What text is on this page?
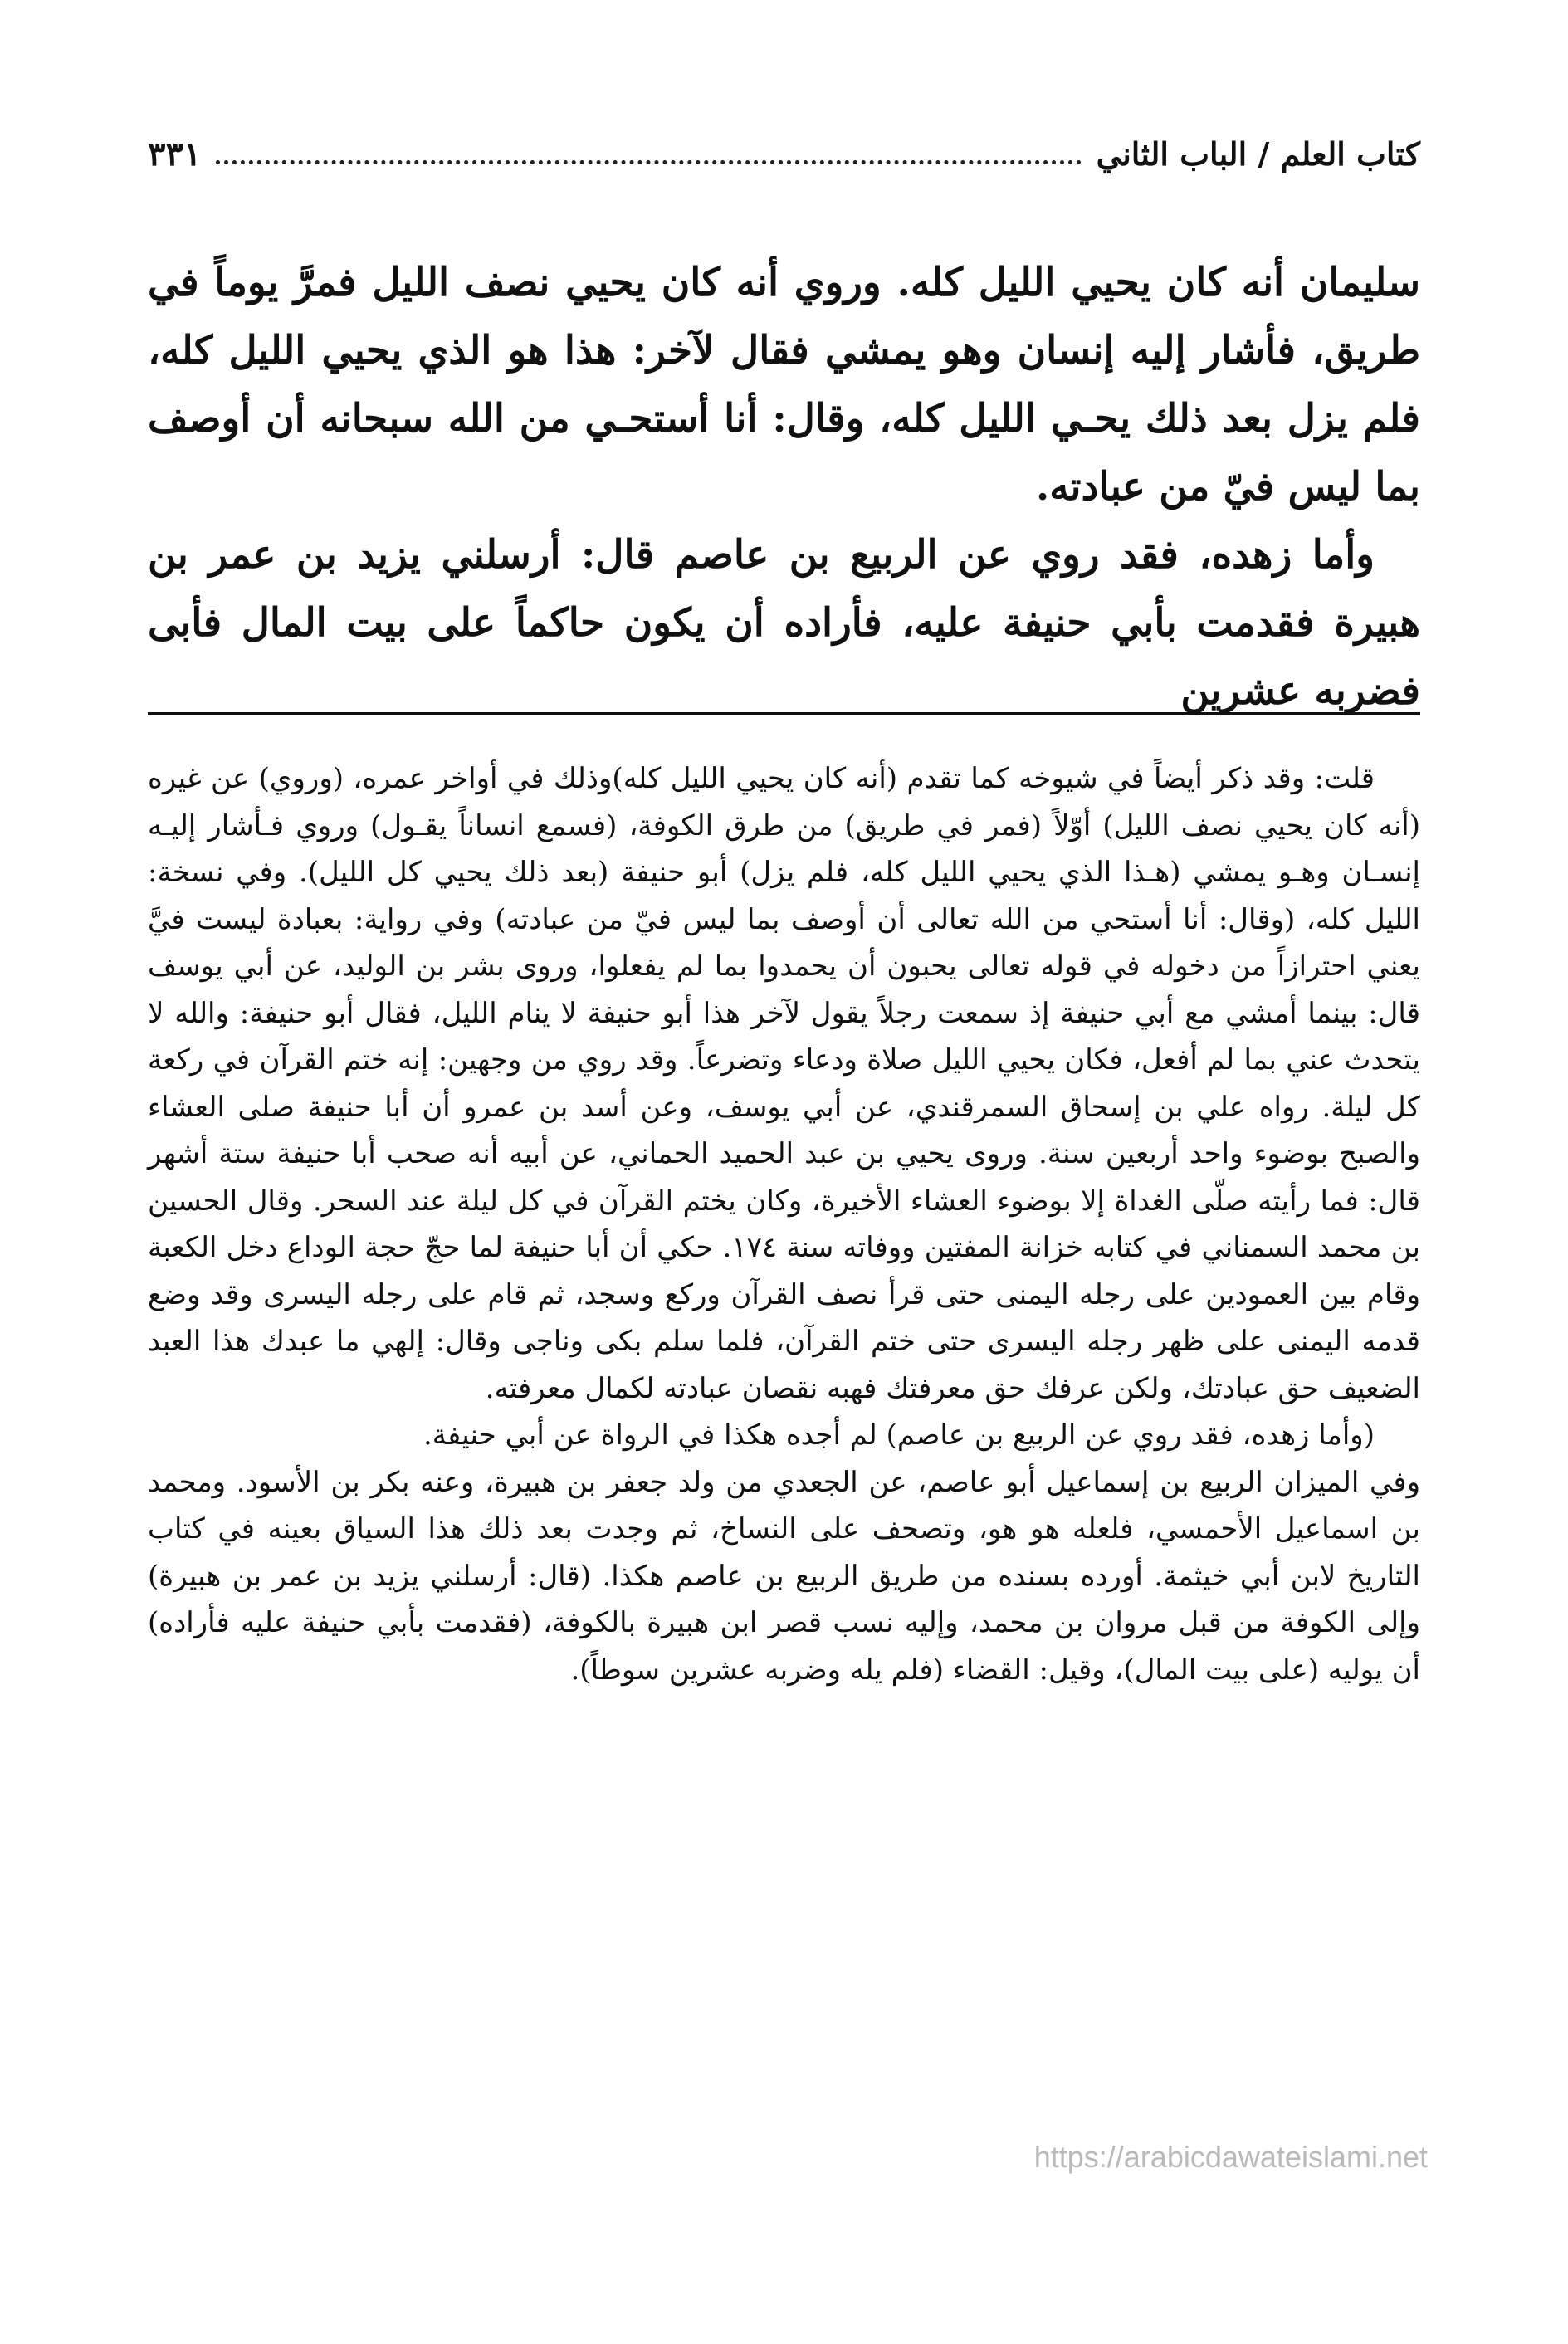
كتاب العلم / الباب الثاني
٣٣١

سليمان أنه كان يحيي الليل كله. وروي أنه كان يحيي نصف الليل فمرَّ يوماً في طريق، فأشار إليه إنسان وهو يمشي فقال لآخر: هذا هو الذي يحيي الليل كله، فلم يزل بعد ذلك يحـي الليل كله، وقال: أنا أستحـي من الله سبحانه أن أوصف بما ليس فيّ من عبادته.

وأما زهده، فقد روي عن الربيع بن عاصم قال: أرسلني يزيد بن عمر بن هبيرة فقدمت بأبي حنيفة عليه، فأراده أن يكون حاكماً على بيت المال فأبى فضربه عشرين

قلت: وقد ذكر أيضاً في شيوخه كما تقدم (أنه كان يحيي الليل كله)وذلك في أواخر عمره، (وروي) عن غيره (أنه كان يحيي نصف الليل) أوّلاً (فمر في طريق) من طرق الكوفة، (فسمع انساناً يقـول) وروي فـأشار إليـه إنسـان وهـو يمشي (هـذا الذي يحيي الليل كله، فلم يزل) أبو حنيفة (بعد ذلك يحيي كل الليل). وفي نسخة: الليل كله، (وقال: أنا أستحي من الله تعالى أن أوصف بما ليس فيّ من عبادته) وفي رواية: بعبادة ليست فيَّ يعني احترازاً من دخوله في قوله تعالى يحبون أن يحمدوا بما لم يفعلوا، وروى بشر بن الوليد، عن أبي يوسف قال: بينما أمشي مع أبي حنيفة إذ سمعت رجلاً يقول لآخر هذا أبو حنيفة لا ينام الليل، فقال أبو حنيفة: والله لا يتحدث عني بما لم أفعل، فكان يحيي الليل صلاة ودعاء وتضرعاً. وقد روي من وجهين: إنه ختم القرآن في ركعة كل ليلة. رواه علي بن إسحاق السمرقندي، عن أبي يوسف، وعن أسد بن عمرو أن أبا حنيفة صلى العشاء والصبح بوضوء واحد أربعين سنة. وروى يحيي بن عبد الحميد الحماني، عن أبيه أنه صحب أبا حنيفة ستة أشهر قال: فما رأيته صلّى الغداة إلا بوضوء العشاء الأخيرة، وكان يختم القرآن في كل ليلة عند السحر. وقال الحسين بن محمد السمناني في كتابه خزانة المفتين ووفاته سنة ١٧٤. حكي أن أبا حنيفة لما حجّ حجة الوداع دخل الكعبة وقام بين العمودين على رجله اليمنى حتى قرأ نصف القرآن وركع وسجد، ثم قام على رجله اليسرى وقد وضع قدمه اليمنى على ظهر رجله اليسرى حتى ختم القرآن، فلما سلم بكى وناجى وقال: إلهي ما عبدك هذا العبد الضعيف حق عبادتك، ولكن عرفك حق معرفتك فهبه نقصان عبادته لكمال معرفته.

(وأما زهده، فقد روي عن الربيع بن عاصم) لم أجده هكذا في الرواة عن أبي حنيفة.

وفي الميزان الربيع بن إسماعيل أبو عاصم، عن الجعدي من ولد جعفر بن هبيرة، وعنه بكر بن الأسود. ومحمد بن اسماعيل الأحمسي، فلعله هو هو، وتصحف على النساخ، ثم وجدت بعد ذلك هذا السياق بعينه في كتاب التاريخ لابن أبي خيثمة. أورده بسنده من طريق الربيع بن عاصم هكذا. (قال: أرسلني يزيد بن عمر بن هبيرة) وإلى الكوفة من قبل مروان بن محمد، وإليه نسب قصر ابن هبيرة بالكوفة، (فقدمت بأبي حنيفة عليه فأراده) أن يوليه (على بيت المال)، وقيل: القضاء (فلم يله وضربه عشرين سوطاً).

https://arabicdawateislami.net
